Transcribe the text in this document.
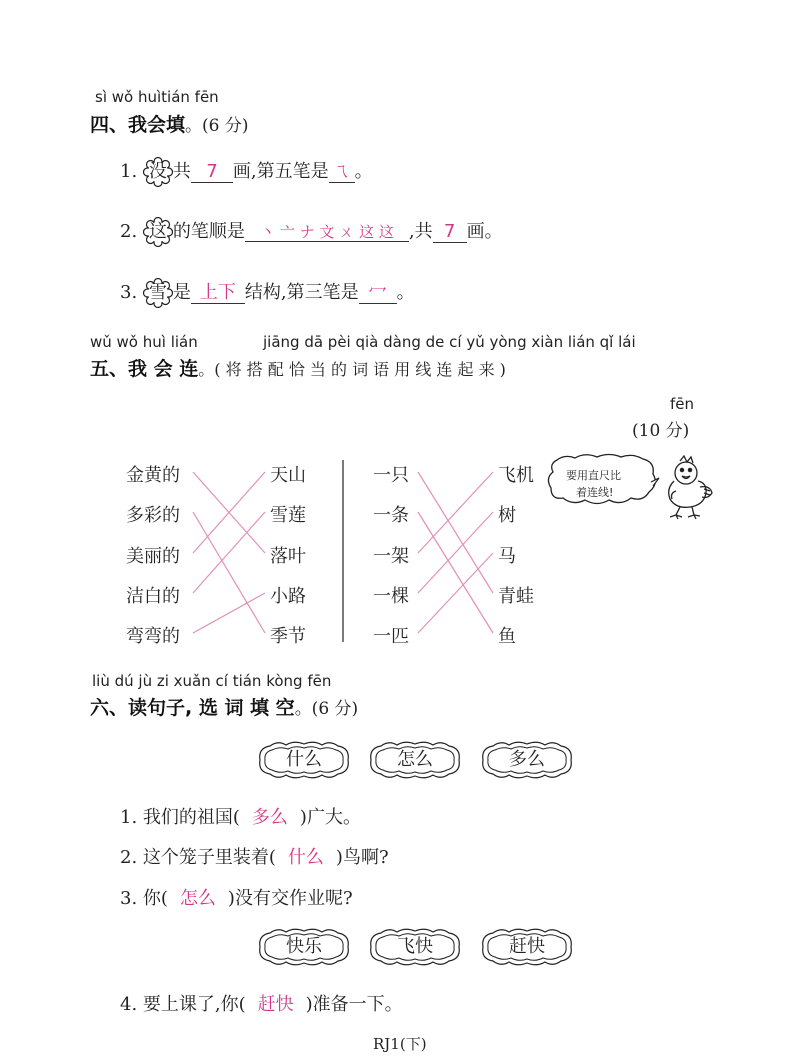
sì wǒ huìtián fēn
四、我会填。(6 分)
1. 没 共 7 画,第五笔是 ㄟ 。
2. 这 的笔顺是 丶 亠 ナ 文 ㄨ 这 这 ,共 7 画。
3. 雪 是 上下 结构,第三笔是 冖 。
wǔ wǒ huì lián	jiāng dā pèi qià dàng de cí yǔ yòng xiàn lián qǐ lái
五、我 会 连。( 将 搭 配 恰 当 的 词 语 用 线 连 起 来 )
fēn
(10 分)
金黄的
多彩的
美丽的
洁白的
弯弯的
天山
雪莲
落叶
小路
季节
一只
一条
一架
一棵
一匹
飞机
树
马
青蛙
鱼
要用直尺比
着连线!
liù dú jù zi xuǎn cí tián kòng fēn
六、读句子, 选 词 填 空。(6 分)
什么	怎么	多么
1. 我们的祖国( 多么 )广大。
2. 这个笼子里装着( 什么 )鸟啊?
3. 你( 怎么 )没有交作业呢?
快乐	飞快	赶快
4. 要上课了,你( 赶快 )准备一下。
RJ1(下)
